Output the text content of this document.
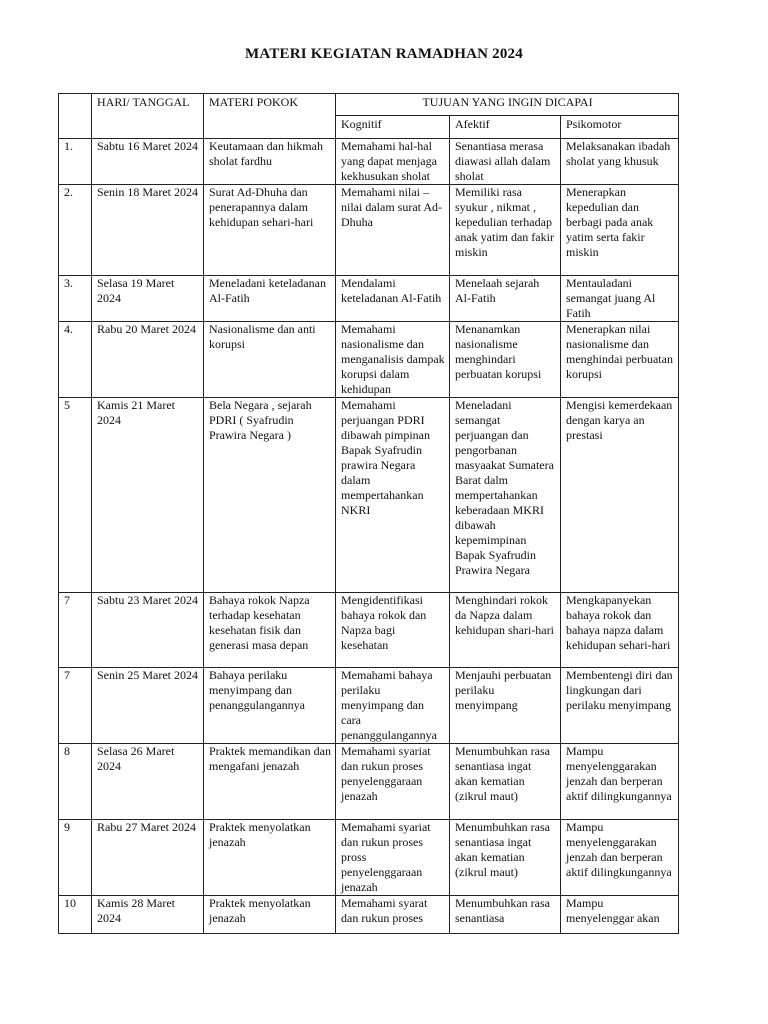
MATERI KEGIATAN RAMADHAN 2024
	HARI/ TANGGAL	MATERI POKOK	TUJUAN YANG INGIN DICAPAI		
			Kognitif	Afektif	Psikomotor
1.	Sabtu 16 Maret 2024	Keutamaan dan hikmah sholat fardhu	Memahami hal-hal yang dapat menjaga kekhusukan sholat	Senantiasa merasa diawasi allah dalam sholat	Melaksanakan ibadah sholat yang khusuk
2.	Senin 18 Maret 2024	Surat Ad-Dhuha dan penerapannya dalam kehidupan sehari-hari	Memahami nilai – nilai dalam surat Ad-Dhuha	Memiliki rasa syukur , nikmat , kepedulian terhadap anak yatim dan fakir miskin	Menerapkan kepedulian dan berbagi pada anak yatim serta fakir miskin
3.	Selasa 19 Maret 2024	Meneladani keteladanan Al-Fatih	Mendalami keteladanan Al-Fatih	Menelaah sejarah Al-Fatih	Mentauladani semangat juang Al Fatih
4.	Rabu 20 Maret 2024	Nasionalisme dan anti korupsi	Memahami nasionalisme dan menganalisis dampak korupsi dalam kehidupan	Menanamkan nasionalisme menghindari perbuatan korupsi	Menerapkan nilai nasionalisme dan menghindai perbuatan korupsi
5	Kamis 21 Maret 2024	Bela Negara , sejarah PDRI ( Syafrudin Prawira Negara )	Memahami perjuangan PDRI dibawah pimpinan Bapak Syafrudin prawira Negara dalam mempertahankan NKRI	Meneladani semangat perjuangan dan pengorbanan masyaakat Sumatera Barat dalm mempertahankan keberadaan MKRI dibawah kepemimpinan Bapak Syafrudin Prawira Negara	Mengisi kemerdekaan dengan karya an prestasi
7	Sabtu 23 Maret 2024	Bahaya rokok Napza terhadap kesehatan kesehatan fisik dan generasi masa depan	Mengidentifikasi bahaya rokok dan Napza bagi kesehatan	Menghindari rokok da Napza dalam kehidupan shari-hari	Mengkapanyekan bahaya rokok dan bahaya napza dalam kehidupan sehari-hari
7	Senin 25 Maret 2024	Bahaya perilaku menyimpang dan penanggulangannya	Memahami bahaya perilaku menyimpang dan cara penanggulangannya	Menjauhi perbuatan perilaku menyimpang	Membentengi diri dan lingkungan dari perilaku menyimpang
8	Selasa 26 Maret 2024	Praktek memandikan dan mengafani jenazah	Memahami syariat dan rukun proses penyelenggaraan jenazah	Menumbuhkan rasa senantiasa ingat akan kematian (zikrul maut)	Mampu menyelenggarakan jenzah dan berperan aktif dilingkungannya
9	Rabu 27 Maret 2024	Praktek menyolatkan jenazah	Memahami syariat dan rukun proses pross penyelenggaraan jenazah	Menumbuhkan rasa senantiasa ingat akan kematian (zikrul maut)	Mampu menyelenggarakan jenzah dan berperan aktif dilingkungannya
10	Kamis 28 Maret 2024	Praktek menyolatkan jenazah	Memahami syarat dan rukun proses	Menumbuhkan rasa senantiasa	Mampu menyelenggar akan
